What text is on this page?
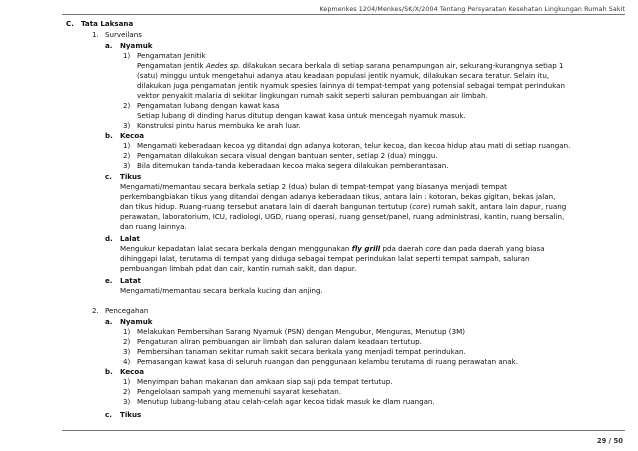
Kepmenkes 1204/Menkes/SK/X/2004 Tentang Persyaratan Kesehatan Lingkungan Rumah Sakit
C. Tata Laksana
1. Surveilans
a. Nyamuk
1) Pengamatan Jenitik
Pengamatan jentik Aedes sp. dilakukan secara berkala di setiap sarana penampungan air, sekurang-kurangnya setiap 1
(satu) minggu untuk mengetahui adanya atau keadaan populasi jentik nyamuk, dilakukan secara teratur. Selain itu,
dilakukan juga pengamatan jentik nyamuk spesies lainnya di tempat-tempat yang potensial sebagai tempat perindukan
vektor penyakit malaria di sekitar lingkungan rumah sakit seperti saluran pembuangan air limbah.
2) Pengamatan lubang dengan kawat kasa
Setiap lubang di dinding harus ditutup dengan kawat kasa untuk mencegah nyamuk masuk.
3) Konstruksi pintu harus membuka ke arah luar.
b. Kecoa
1) Mengamati keberadaan kecoa yg ditandai dgn adanya kotoran, telur kecoa, dan kecoa hidup atau mati di setiap ruangan.
2) Pengamatan dilakukan secara visual dengan bantuan senter, setiap 2 (dua) minggu.
3) Bila ditemukan tanda-tanda keberadaan kecoa maka segera dilakukan pemberantasan.
c. Tikus
Mengamati/memantau secara berkala setiap 2 (dua) bulan di tempat-tempat yang biasanya menjadi tempat
perkembangbiakan tikus yang ditandai dengan adanya keberadaan tikus, antara lain : kotoran, bekas gigitan, bekas jalan,
dan tikus hidup. Ruang-ruang tersebut anatara lain di daerah bangunan tertutup (core) rumah sakit, antara lain dapur, ruang
perawatan, laboratorium, ICU, radiologi, UGD, ruang operasi, ruang genset/panel, ruang administrasi, kantin, ruang bersalin,
dan ruang lainnya.
d. Lalat
Mengukur kepadatan lalat secara berkala dengan menggunakan fly grill pda daerah core dan pada daerah yang biasa
dihinggapi lalat, terutama di tempat yang diduga sebagai tempat perindukan lalat seperti tempat sampah, saluran
pembuangan limbah pdat dan cair, kantin rumah sakit, dan dapur.
e. Latat
Mengamati/memantau secara berkala kucing dan anjing.
2. Pencegahan
a. Nyamuk
1) Melakukan Pembersihan Sarang Nyamuk (PSN) dengan Mengubur, Menguras, Menutup (3M)
2) Pengaturan aliran pembuangan air limbah dan saluran dalam keadaan tertutup.
3) Pembersihan tanaman sekitar rumah sakit secara berkala yang menjadi tempat perindukan.
4) Pemasangan kawat kasa di seluruh ruangan dan penggunaan kelambu terutama di ruang perawatan anak.
b. Kecoa
1) Menyimpan bahan makanan dan amkaan siap saji pda tempat tertutup.
2) Pengelolaan sampah yang memenuhi sayarat kesehatan.
3) Menutup lubang-lubang atau celah-celah agar kecoa tidak masuk ke dlam ruangan.
c. Tikus
29 / 50
